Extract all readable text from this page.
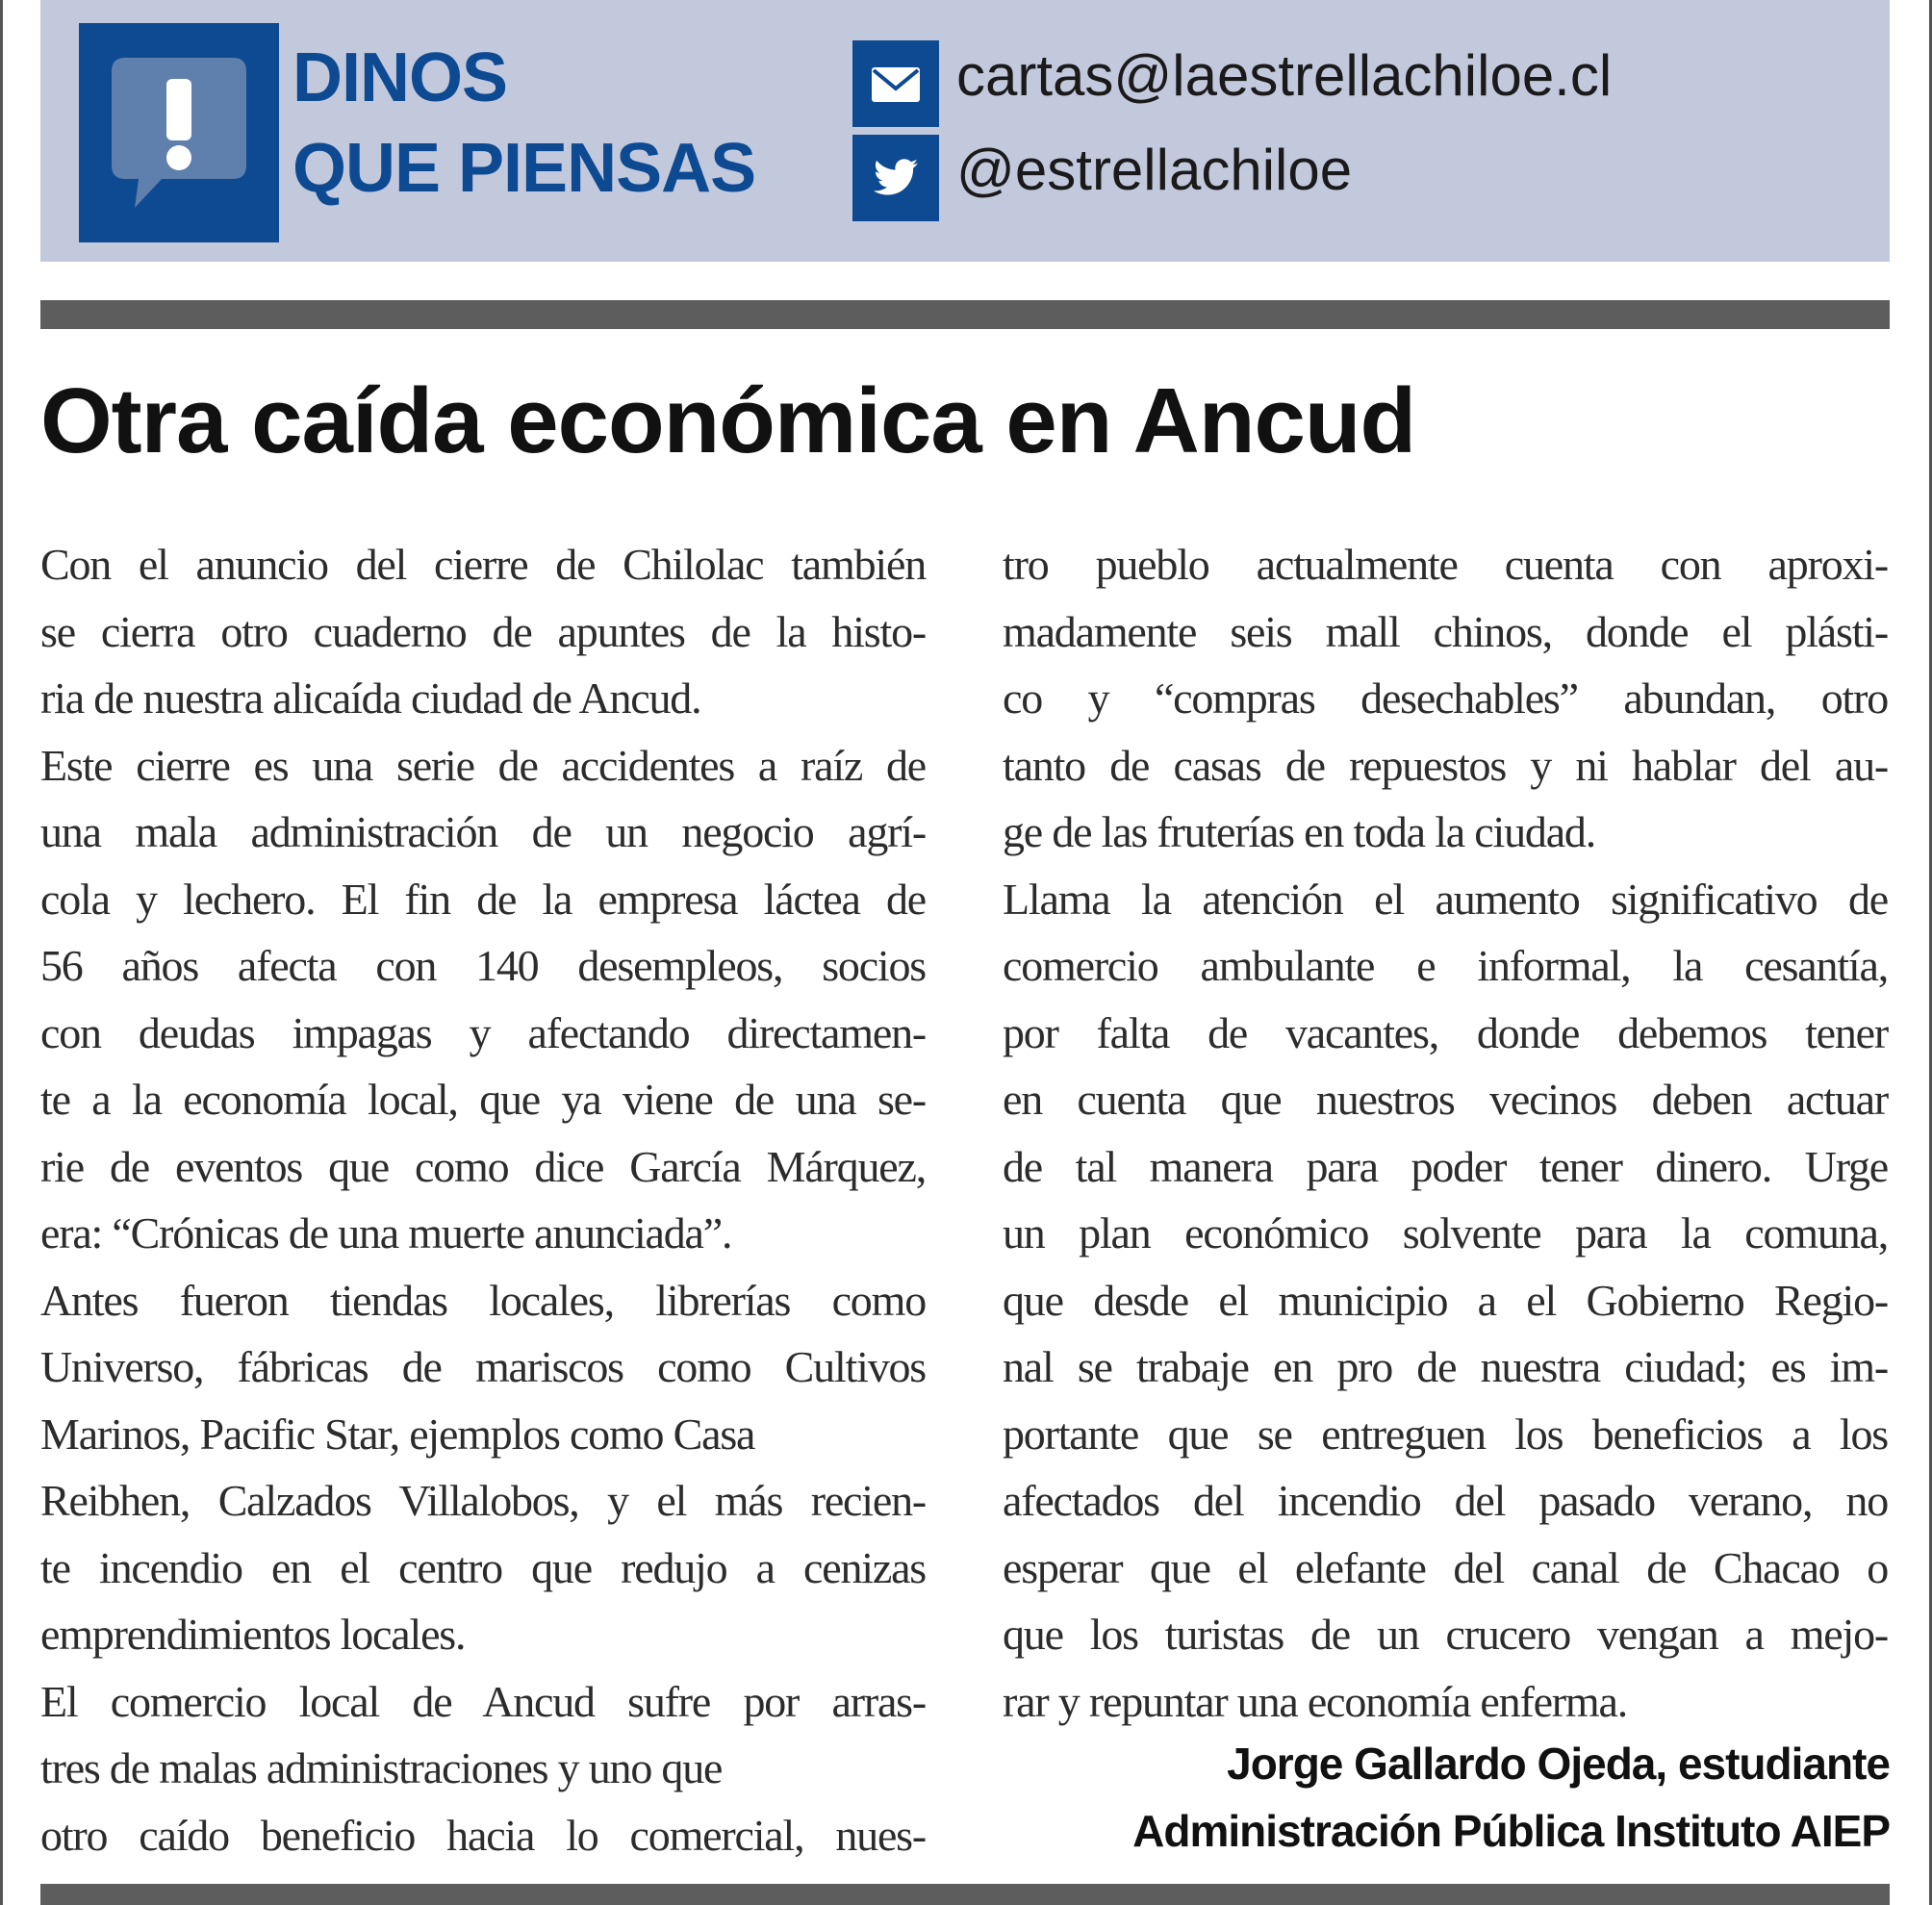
DINOS
QUE PIENSAS
cartas@laestrellachiloe.cl
@estrellachiloe
Otra caída económica en Ancud
Con el anuncio del cierre de Chilolac también
se cierra otro cuaderno de apuntes de la histo-
ria de nuestra alicaída ciudad de Ancud.
Este cierre es una serie de accidentes a raíz de
una mala administración de un negocio agrí-
cola y lechero. El fin de la empresa láctea de
56 años afecta con 140 desempleos, socios
con deudas impagas y afectando directamen-
te a la economía local, que ya viene de una se-
rie de eventos que como dice García Márquez,
era: “Crónicas de una muerte anunciada”.
Antes fueron tiendas locales, librerías como
Universo, fábricas de mariscos como Cultivos
Marinos, Pacific Star, ejemplos como Casa
Reibhen, Calzados Villalobos, y el más recien-
te incendio en el centro que redujo a cenizas
emprendimientos locales.
El comercio local de Ancud sufre por arras-
tres de malas administraciones y uno que
otro caído beneficio hacia lo comercial, nues-
tro pueblo actualmente cuenta con aproxi-
madamente seis mall chinos, donde el plásti-
co y “compras desechables” abundan, otro
tanto de casas de repuestos y ni hablar del au-
ge de las fruterías en toda la ciudad.
Llama la atención el aumento significativo de
comercio ambulante e informal, la cesantía,
por falta de vacantes, donde debemos tener
en cuenta que nuestros vecinos deben actuar
de tal manera para poder tener dinero. Urge
un plan económico solvente para la comuna,
que desde el municipio a el Gobierno Regio-
nal se trabaje en pro de nuestra ciudad; es im-
portante que se entreguen los beneficios a los
afectados del incendio del pasado verano, no
esperar que el elefante del canal de Chacao o
que los turistas de un crucero vengan a mejo-
rar y repuntar una economía enferma.
Jorge Gallardo Ojeda, estudiante
Administración Pública Instituto AIEP
